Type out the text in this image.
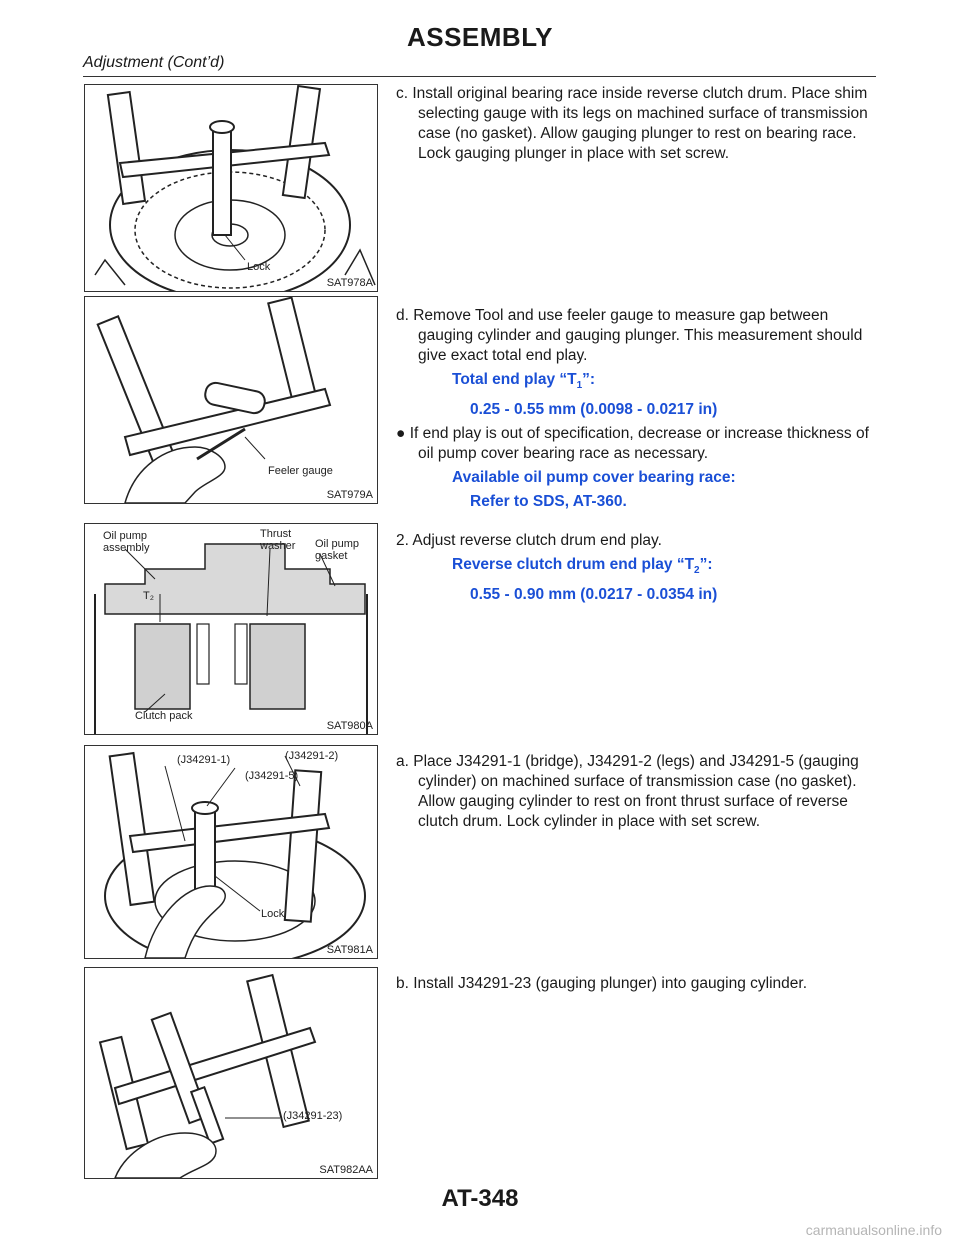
ASSEMBLY
Adjustment (Cont’d)
Lock
SAT978A
Feeler gauge
SAT979A
Oil pump
assembly
Thrust
washer Oil pump
gasket
T₂
Clutch pack
SAT980A
(J34291-1)
(J34291-5)
(J34291-2)
Lock
SAT981A
(J34291-23)
SAT982AA

c. Install original bearing race inside reverse clutch drum. Place shim selecting gauge with its legs on machined surface of transmission case (no gasket). Allow gauging plunger to rest on bearing race. Lock gauging plunger in place with set screw.

d. Remove Tool and use feeler gauge to measure gap between gauging cylinder and gauging plunger. This measurement should give exact total end play.

Total end play “$T_1$”:

0.25 - 0.55 mm (0.0098 - 0.0217 in)

● If end play is out of specification, decrease or increase thickness of oil pump cover bearing race as necessary.

Available oil pump cover bearing race:

Refer to SDS, AT-360.

2. Adjust reverse clutch drum end play.

Reverse clutch drum end play “$T_2$”:

0.55 - 0.90 mm (0.0217 - 0.0354 in)

a. Place J34291-1 (bridge), J34291-2 (legs) and J34291-5 (gauging cylinder) on machined surface of transmission case (no gasket). Allow gauging cylinder to rest on front thrust surface of reverse clutch drum. Lock cylinder in place with set screw.

b. Install J34291-23 (gauging plunger) into gauging cylinder.

AT-348
carmanualsonline.info
